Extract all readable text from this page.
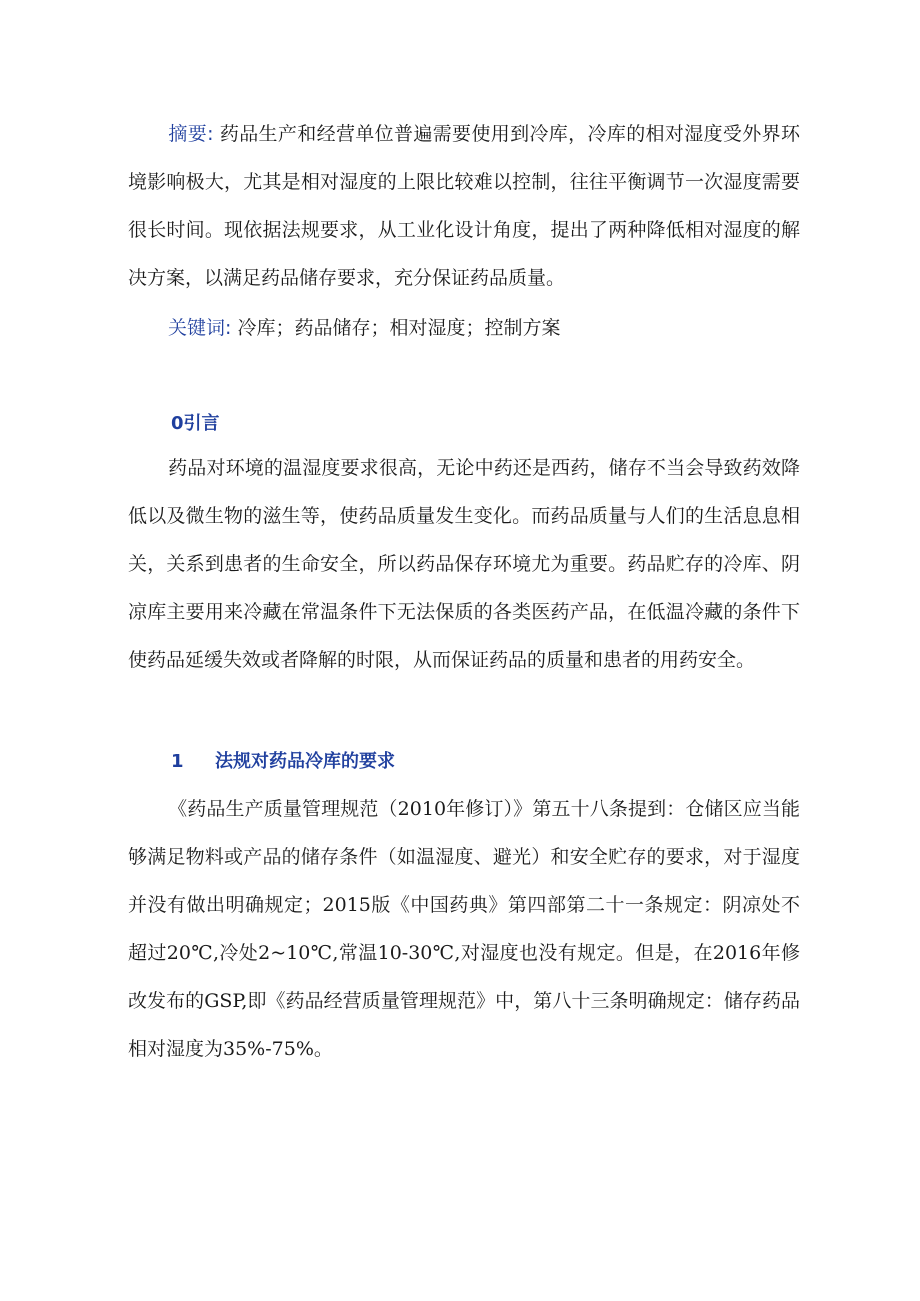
摘要: 药品生产和经营单位普遍需要使用到冷库，冷库的相对湿度受外界环境影响极大，尤其是相对湿度的上限比较难以控制，往往平衡调节一次湿度需要很长时间。现依据法规要求，从工业化设计角度，提出了两种降低相对湿度的解决方案，以满足药品储存要求，充分保证药品质量。

关键词: 冷库；药品储存；相对湿度；控制方案

0引言

药品对环境的温湿度要求很高，无论中药还是西药，储存不当会导致药效降低以及微生物的滋生等，使药品质量发生变化。而药品质量与人们的生活息息相关，关系到患者的生命安全，所以药品保存环境尤为重要。药品贮存的冷库、阴凉库主要用来冷藏在常温条件下无法保质的各类医药产品，在低温冷藏的条件下使药品延缓失效或者降解的时限，从而保证药品的质量和患者的用药安全。

1 法规对药品冷库的要求

《药品生产质量管理规范（2010年修订）》第五十八条提到：仓储区应当能够满足物料或产品的储存条件（如温湿度、避光）和安全贮存的要求，对于湿度并没有做出明确规定；2015版《中国药典》第四部第二十一条规定：阴凉处不超过20℃,冷处2~10℃,常温10-30℃,对湿度也没有规定。但是，在2016年修改发布的GSP,即《药品经营质量管理规范》中，第八十三条明确规定：储存药品相对湿度为35%-75%。
